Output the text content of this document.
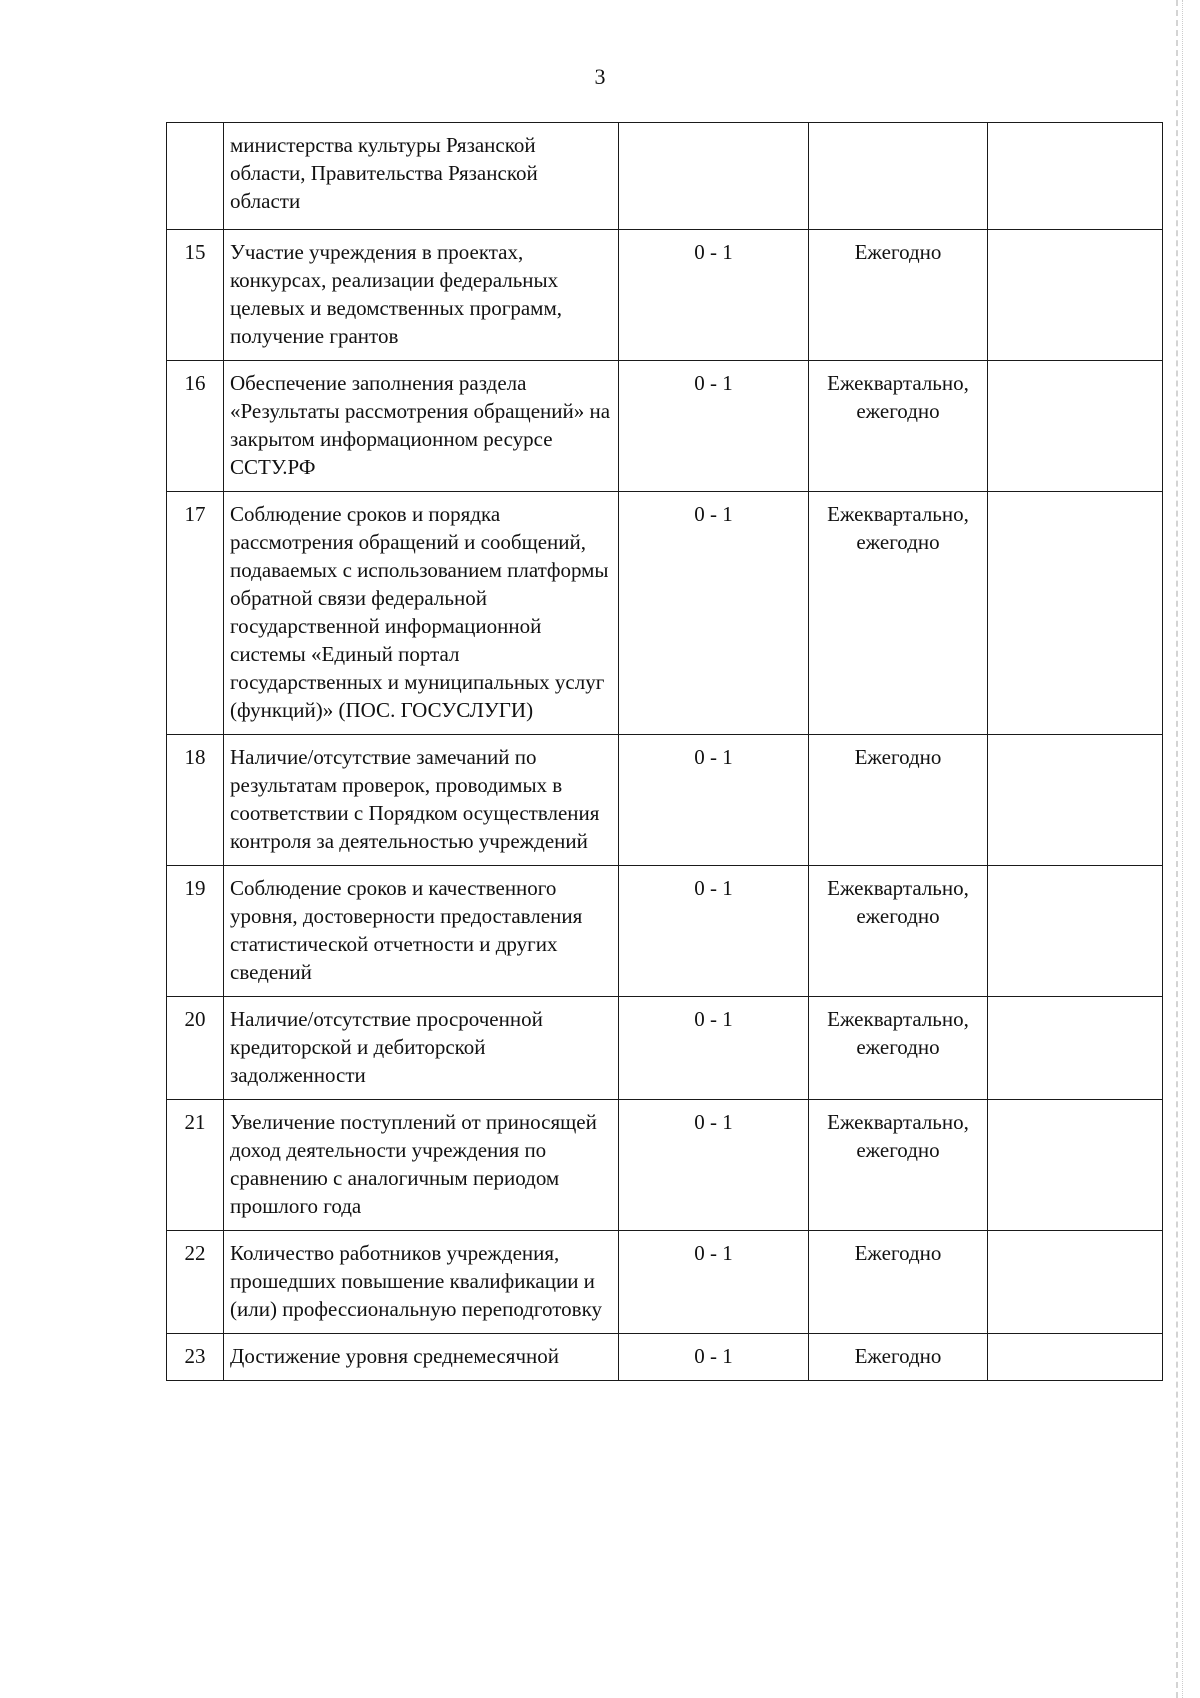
3
	министерства культуры Рязанской области, Правительства Рязанской области			
15	Участие учреждения в проектах, конкурсах, реализации федеральных целевых и ведомственных программ, получение грантов	0 - 1	Ежегодно	
16	Обеспечение заполнения раздела «Результаты рассмотрения обращений» на закрытом информационном ресурсе ССТУ.РФ	0 - 1	Ежеквартально, ежегодно	
17	Соблюдение сроков и порядка рассмотрения обращений и сообщений, подаваемых с использованием платформы обратной связи федеральной государственной информационной системы «Единый портал государственных и муниципальных услуг (функций)» (ПОС. ГОСУСЛУГИ)	0 - 1	Ежеквартально, ежегодно	
18	Наличие/отсутствие замечаний по результатам проверок, проводимых в соответствии с Порядком осуществления контроля за деятельностью учреждений	0 - 1	Ежегодно	
19	Соблюдение сроков и качественного уровня, достоверности предоставления статистической отчетности и других сведений	0 - 1	Ежеквартально, ежегодно	
20	Наличие/отсутствие просроченной кредиторской и дебиторской задолженности	0 - 1	Ежеквартально, ежегодно	
21	Увеличение поступлений от приносящей доход деятельности учреждения по сравнению с аналогичным периодом прошлого года	0 - 1	Ежеквартально, ежегодно	
22	Количество работников учреждения, прошедших повышение квалификации и (или) профессиональную переподготовку	0 - 1	Ежегодно	
23	Достижение уровня среднемесячной	0 - 1	Ежегодно	
